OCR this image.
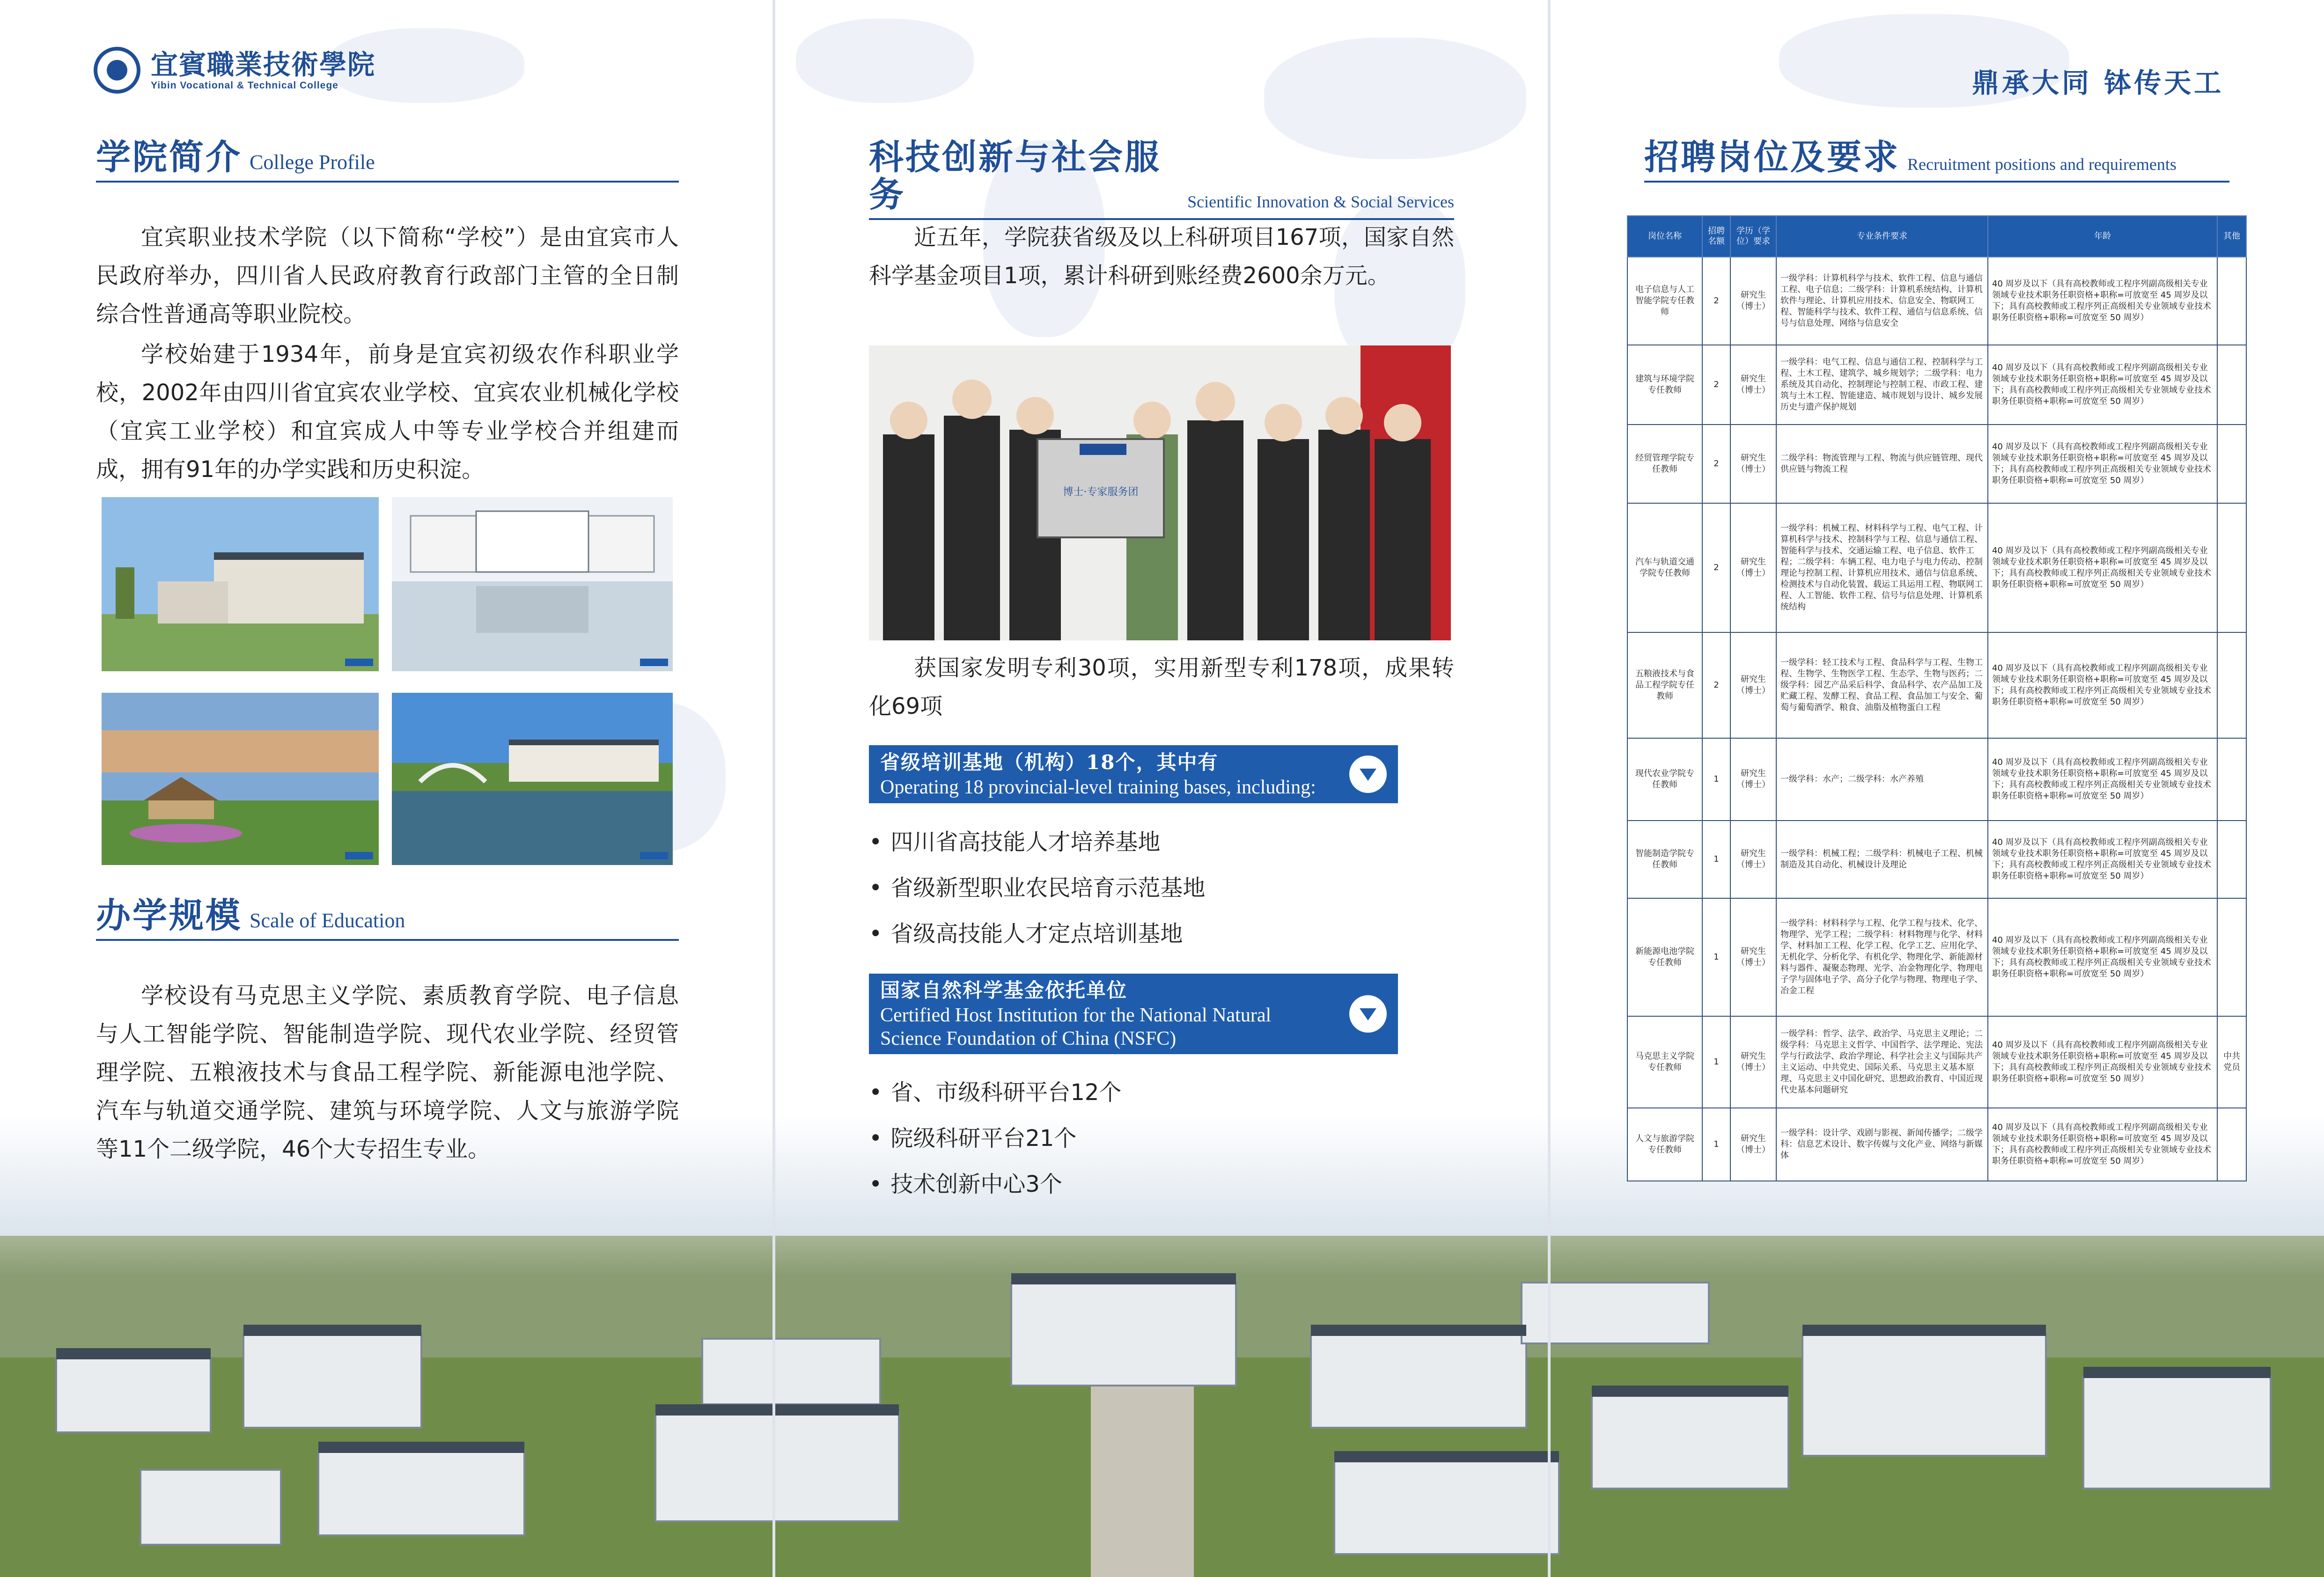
宜賓職業技術學院
Yibin Vocational & Technical College
学院简介 College Profile

宜宾职业技术学院（以下简称“学校”）是由宜宾市人民政府举办，四川省人民政府教育行政部门主管的全日制综合性普通高等职业院校。

学校始建于1934年，前身是宜宾初级农作科职业学校，2002年由四川省宜宾农业学校、宜宾农业机械化学校（宜宾工业学校）和宜宾成人中等专业学校合并组建而成，拥有91年的办学实践和历史积淀。

办学规模 Scale of Education

学校设有马克思主义学院、素质教育学院、电子信息与人工智能学院、智能制造学院、现代农业学院、经贸管理学院、五粮液技术与食品工程学院、新能源电池学院、汽车与轨道交通学院、建筑与环境学院、人文与旅游学院等11个二级学院，46个大专招生专业。

科技创新与社会服务	Scientific Innovation & Social Services

近五年，学院获省级及以上科研项目167项，国家自然科学基金项目1项，累计科研到账经费2600余万元。

博士·专家服务团

获国家发明专利30项，实用新型专利178项，成果转化69项

省级培训基地（机构）18个，其中有
Operating 18 provincial-level training bases, including:
• 四川省高技能人才培养基地
• 省级新型职业农民培育示范基地
• 省级高技能人才定点培训基地
国家自然科学基金依托单位
Certified Host Institution for the National Natural
Science Foundation of China (NSFC)
• 省、市级科研平台12个
• 院级科研平台21个
• 技术创新中心3个
鼎承大同 钵传天工
招聘岗位及要求 Recruitment positions and requirements
岗位名称	招聘名额	学历（学位）要求	专业条件要求	年龄	其他
电子信息与人工智能学院专任教师	2	研究生（博士）	一级学科：计算机科学与技术、软件工程、信息与通信工程、电子信息；二级学科：计算机系统结构、计算机软件与理论、计算机应用技术、信息安全、物联网工程、智能科学与技术、软件工程、通信与信息系统、信号与信息处理、网络与信息安全	40 周岁及以下（具有高校教师或工程序列副高级相关专业领域专业技术职务任职资格+职称=可放宽至 45 周岁及以下；具有高校教师或工程序列正高级相关专业领域专业技术职务任职资格+职称=可放宽至 50 周岁）	
建筑与环境学院专任教师	2	研究生（博士）	一级学科：电气工程、信息与通信工程、控制科学与工程、土木工程、建筑学、城乡规划学；二级学科：电力系统及其自动化、控制理论与控制工程、市政工程、建筑与土木工程、智能建造、城市规划与设计、城乡发展历史与遗产保护规划	40 周岁及以下（具有高校教师或工程序列副高级相关专业领域专业技术职务任职资格+职称=可放宽至 45 周岁及以下；具有高校教师或工程序列正高级相关专业领域专业技术职务任职资格+职称=可放宽至 50 周岁）	
经贸管理学院专任教师	2	研究生（博士）	二级学科：物流管理与工程、物流与供应链管理、现代供应链与物流工程	40 周岁及以下（具有高校教师或工程序列副高级相关专业领域专业技术职务任职资格+职称=可放宽至 45 周岁及以下；具有高校教师或工程序列正高级相关专业领域专业技术职务任职资格+职称=可放宽至 50 周岁）	
汽车与轨道交通学院专任教师	2	研究生（博士）	一级学科：机械工程、材料科学与工程、电气工程、计算机科学与技术、控制科学与工程、信息与通信工程、智能科学与技术、交通运输工程、电子信息、软件工程；二级学科：车辆工程、电力电子与电力传动、控制理论与控制工程、计算机应用技术、通信与信息系统、检测技术与自动化装置、载运工具运用工程、物联网工程、人工智能、软件工程、信号与信息处理、计算机系统结构	40 周岁及以下（具有高校教师或工程序列副高级相关专业领域专业技术职务任职资格+职称=可放宽至 45 周岁及以下；具有高校教师或工程序列正高级相关专业领域专业技术职务任职资格+职称=可放宽至 50 周岁）	
五粮液技术与食品工程学院专任教师	2	研究生（博士）	一级学科：轻工技术与工程、食品科学与工程、生物工程、生物学、生物医学工程、生态学、生物与医药；二级学科：园艺产品采后科学、食品科学、农产品加工及贮藏工程、发酵工程、食品工程、食品加工与安全、葡萄与葡萄酒学、粮食、油脂及植物蛋白工程	40 周岁及以下（具有高校教师或工程序列副高级相关专业领域专业技术职务任职资格+职称=可放宽至 45 周岁及以下；具有高校教师或工程序列正高级相关专业领域专业技术职务任职资格+职称=可放宽至 50 周岁）	
现代农业学院专任教师	1	研究生（博士）	一级学科：水产；二级学科：水产养殖	40 周岁及以下（具有高校教师或工程序列副高级相关专业领域专业技术职务任职资格+职称=可放宽至 45 周岁及以下；具有高校教师或工程序列正高级相关专业领域专业技术职务任职资格+职称=可放宽至 50 周岁）	
智能制造学院专任教师	1	研究生（博士）	一级学科：机械工程；二级学科：机械电子工程、机械制造及其自动化、机械设计及理论	40 周岁及以下（具有高校教师或工程序列副高级相关专业领域专业技术职务任职资格+职称=可放宽至 45 周岁及以下；具有高校教师或工程序列正高级相关专业领域专业技术职务任职资格+职称=可放宽至 50 周岁）	
新能源电池学院专任教师	1	研究生（博士）	一级学科：材料科学与工程、化学工程与技术、化学、物理学、光学工程；二级学科：材料物理与化学、材料学、材料加工工程、化学工程、化学工艺、应用化学、无机化学、分析化学、有机化学、物理化学、新能源材料与器件、凝聚态物理、光学、冶金物理化学、物理电子学与固体电子学、高分子化学与物理、物理电子学、冶金工程	40 周岁及以下（具有高校教师或工程序列副高级相关专业领域专业技术职务任职资格+职称=可放宽至 45 周岁及以下；具有高校教师或工程序列正高级相关专业领域专业技术职务任职资格+职称=可放宽至 50 周岁）	
马克思主义学院专任教师	1	研究生（博士）	一级学科：哲学、法学、政治学、马克思主义理论；二级学科：马克思主义哲学、中国哲学、法学理论、宪法学与行政法学、政治学理论、科学社会主义与国际共产主义运动、中共党史、国际关系、马克思主义基本原理、马克思主义中国化研究、思想政治教育、中国近现代史基本问题研究	40 周岁及以下（具有高校教师或工程序列副高级相关专业领域专业技术职务任职资格+职称=可放宽至 45 周岁及以下；具有高校教师或工程序列正高级相关专业领域专业技术职务任职资格+职称=可放宽至 50 周岁）	中共党员
人文与旅游学院专任教师	1	研究生（博士）	一级学科：设计学、戏剧与影视、新闻传播学；二级学科：信息艺术设计、数字传媒与文化产业、网络与新媒体	40 周岁及以下（具有高校教师或工程序列副高级相关专业领域专业技术职务任职资格+职称=可放宽至 45 周岁及以下；具有高校教师或工程序列正高级相关专业领域专业技术职务任职资格+职称=可放宽至 50 周岁）	
